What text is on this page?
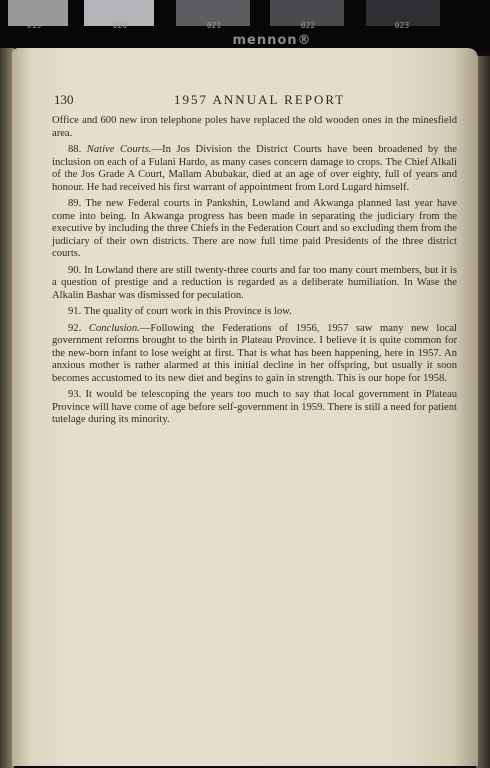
019	020	021	022	023
mennon®
130	1957 ANNUAL REPORT

Office and 600 new iron telephone poles have replaced the old wooden ones in the minesfield area.

88. Native Courts.—In Jos Division the District Courts have been broadened by the inclusion on each of a Fulani Hardo, as many cases concern damage to crops. The Chief Alkali of the Jos Grade A Court, Mallam Abubakar, died at an age of over eighty, full of years and honour. He had received his first warrant of appointment from Lord Lugard himself.

89. The new Federal courts in Pankshin, Lowland and Akwanga planned last year have come into being. In Akwanga progress has been made in separating the judiciary from the executive by including the three Chiefs in the Federation Court and so excluding them from the judiciary of their own districts. There are now full time paid Presidents of the three district courts.

90. In Lowland there are still twenty-three courts and far too many court members, but it is a question of prestige and a reduction is regarded as a deliberate humiliation. In Wase the Alkalin Bashar was dismissed for peculation.

91. The quality of court work in this Province is low.

92. Conclusion.—Following the Federations of 1956, 1957 saw many new local government reforms brought to the birth in Plateau Province. I believe it is quite common for the new-born infant to lose weight at first. That is what has been happening, here in 1957. An anxious mother is rather alarmed at this initial decline in her offspring, but usually it soon becomes accustomed to its new diet and begins to gain in strength. This is our hope for 1958.

93. It would be telescoping the years too much to say that local government in Plateau Province will have come of age before self-government in 1959. There is still a need for patient tutelage during its minority.
